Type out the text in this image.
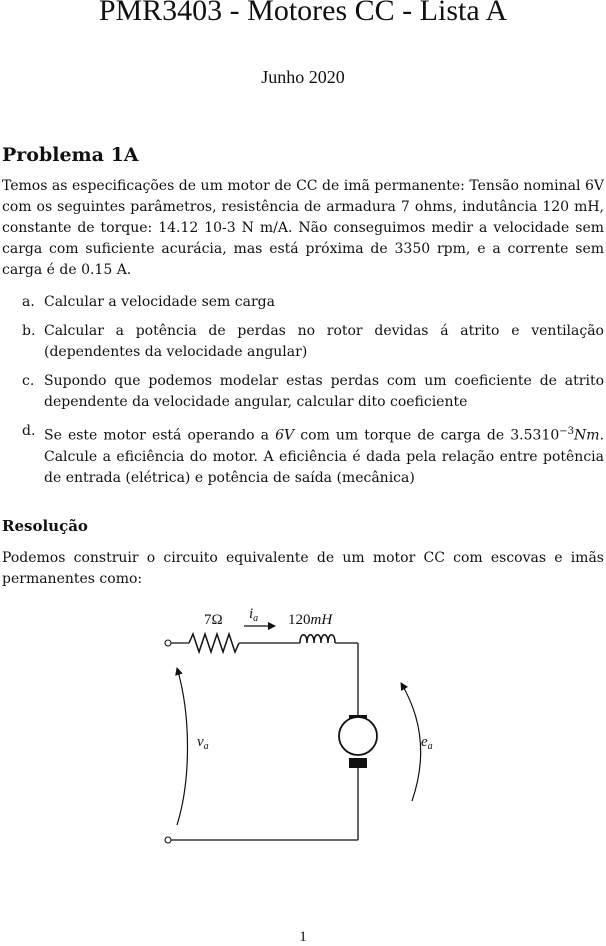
PMR3403 - Motores CC - Lista A
Junho 2020
Problema 1A
Temos as especificações de um motor de CC de imã permanente: Tensão nominal 6V com os seguintes parâmetros, resistência de armadura 7 ohms, indutância 120 mH, constante de torque: 14.12 10-3 N m/A. Não conseguimos medir a velocidade sem carga com suficiente acurácia, mas está próxima de 3350 rpm, e a corrente sem carga é de 0.15 A.
a. Calcular a velocidade sem carga
b. Calcular a potência de perdas no rotor devidas á atrito e ventilação (dependentes da velocidade angular)
c. Supondo que podemos modelar estas perdas com um coeficiente de atrito dependente da velocidade angular, calcular dito coeficiente
d. Se este motor está operando a 6V com um torque de carga de $3.5310^{-3}Nm$. Calcule a eficiência do motor. A eficiência é dada pela relação entre potência de entrada (elétrica) e potência de saída (mecânica)
Resolução
Podemos construir o circuito equivalente de um motor CC com escovas e imãs permanentes como:
7Ω $i_a$ 120mH
$v_a$	$e_a$
1
